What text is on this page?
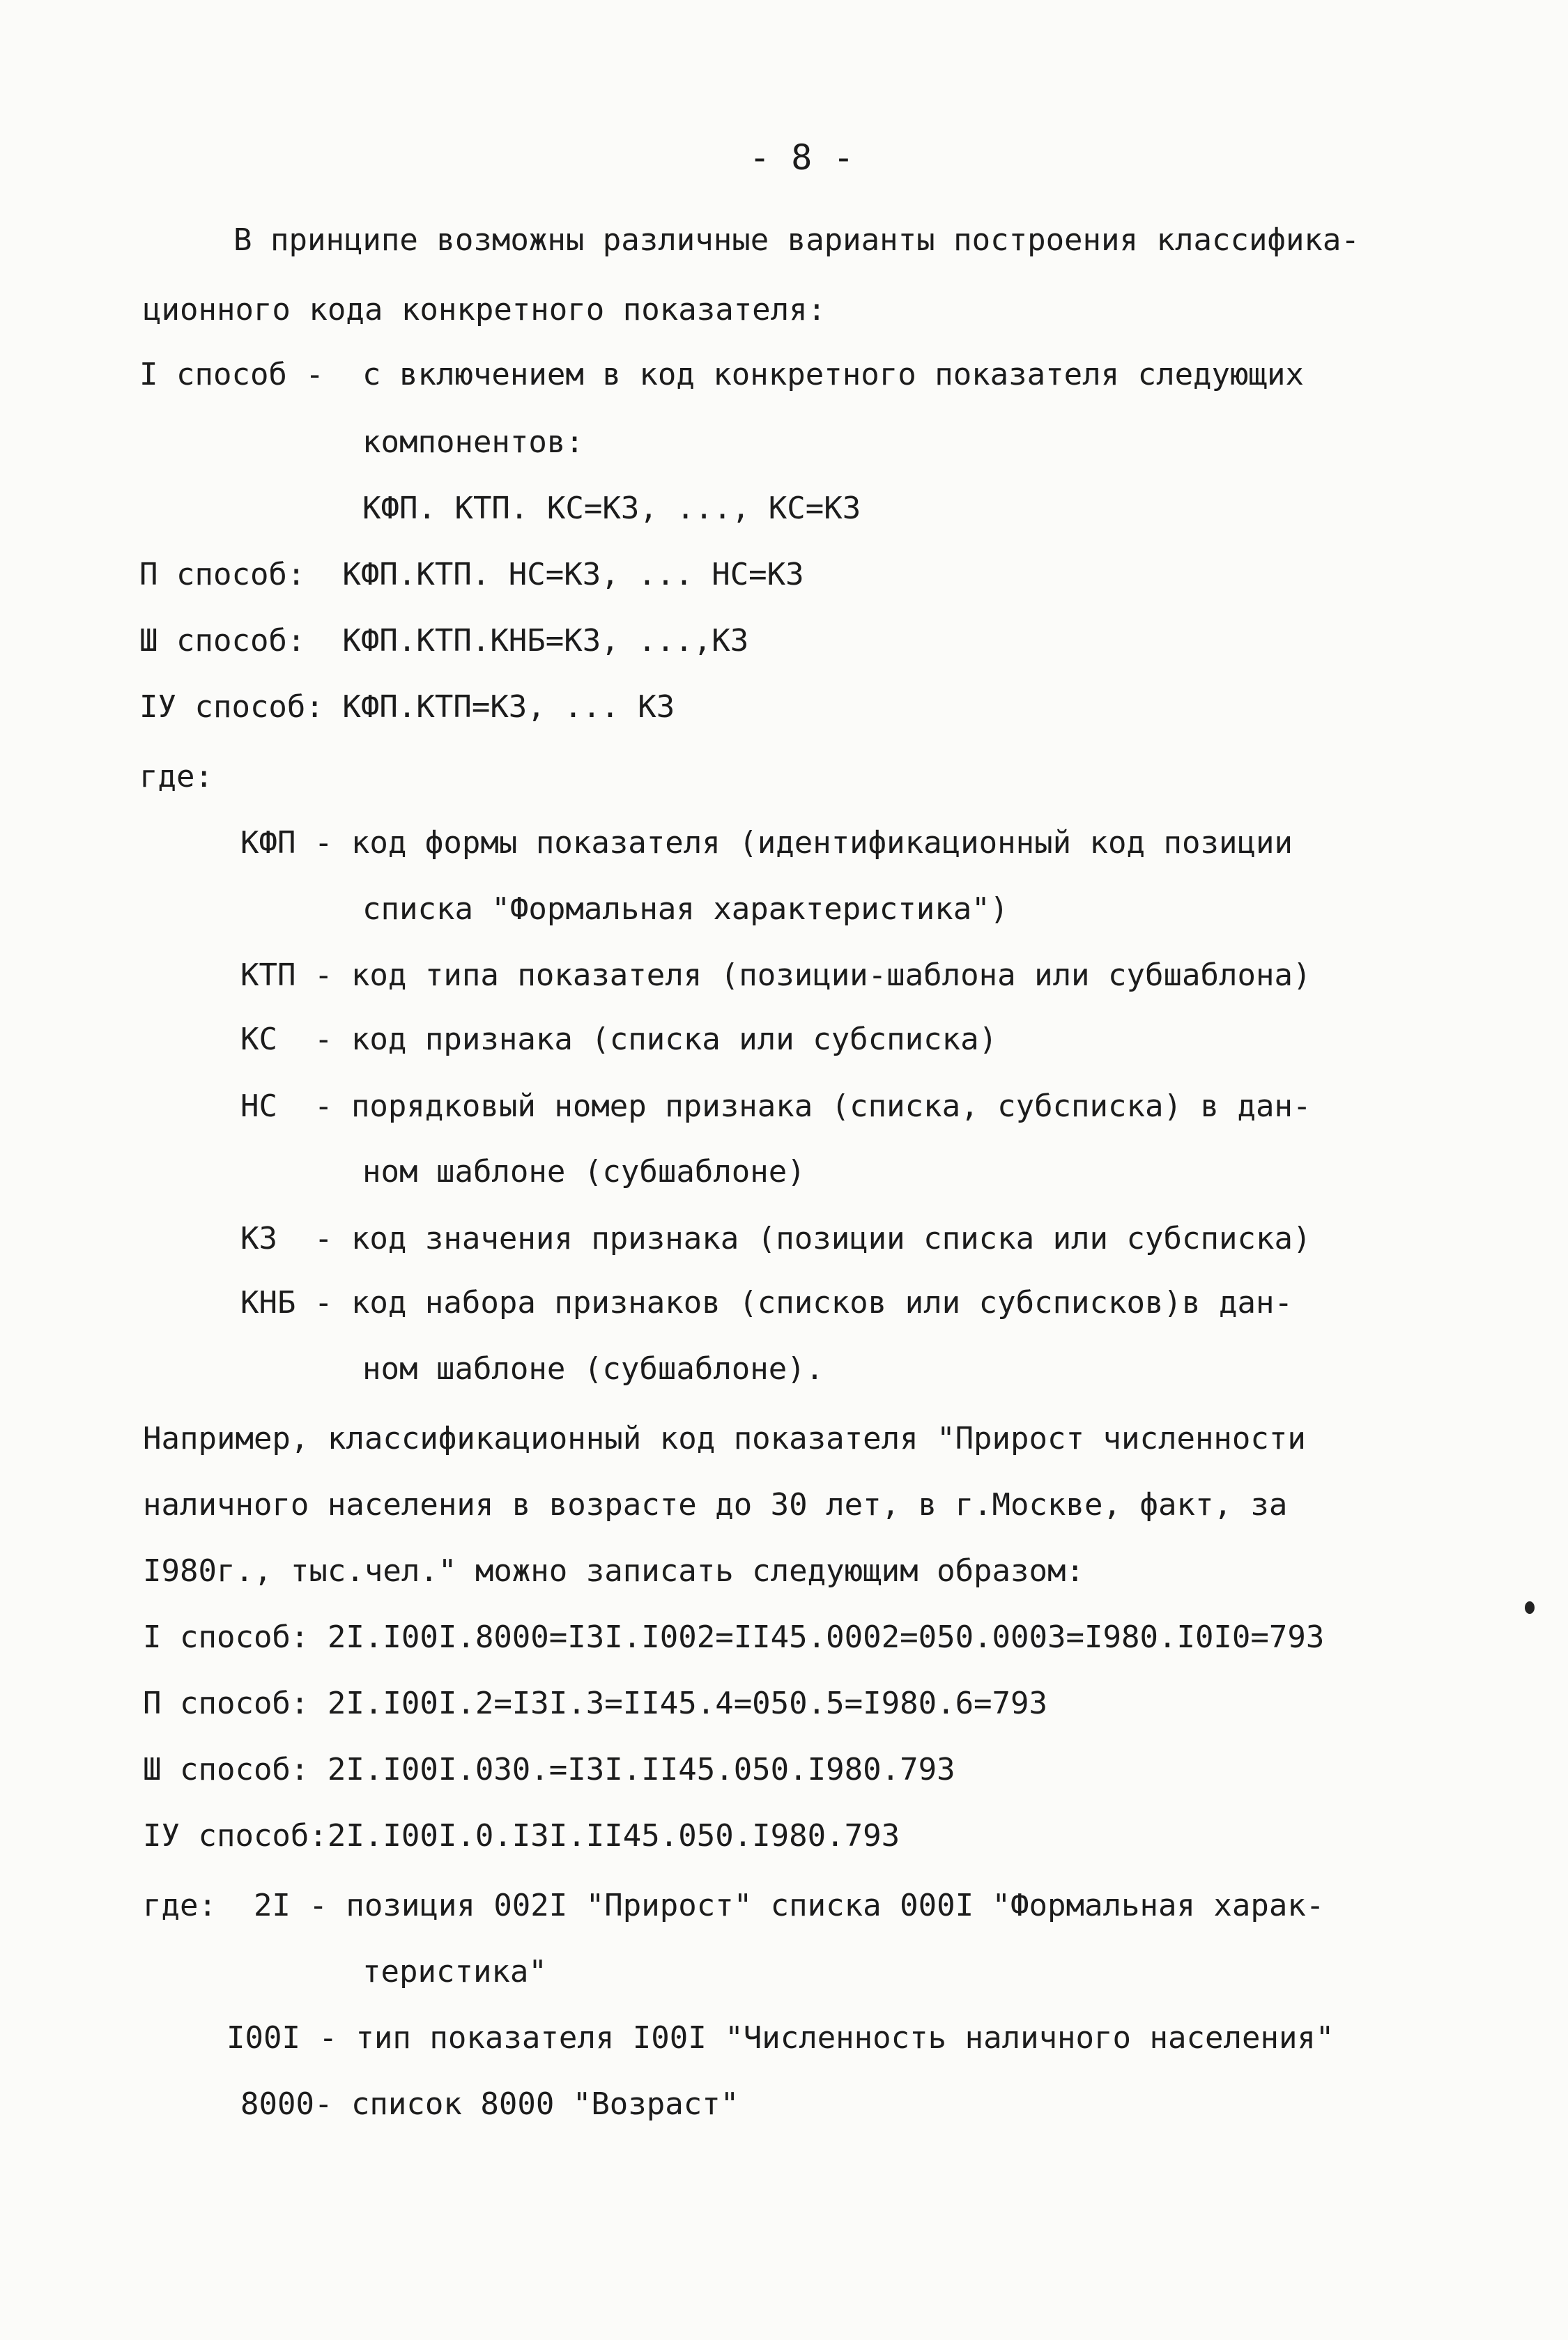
- 8 -
В принципе возможны различные варианты построения классифика-
ционного кода конкретного показателя:
I способ - с включением в код конкретного показателя следующих
компонентов:
КФП. КТП. КС=КЗ, ..., КС=КЗ
П способ:  КФП.КТП. НС=КЗ, ... НС=КЗ
Ш способ:  КФП.КТП.КНБ=КЗ, ...,КЗ
IУ способ: КФП.КТП=КЗ, ... КЗ
где:
КФП - код формы показателя (идентификационный код позиции
списка "Формальная характеристика")
КТП - код типа показателя (позиции-шаблона или субшаблона)
КС  - код признака (списка или субсписка)
НС  - порядковый номер признака (списка, субсписка) в дан-
ном шаблоне (субшаблоне)
КЗ  - код значения признака (позиции списка или субсписка)
КНБ - код набора признаков (списков или субсписков)в дан-
ном шаблоне (субшаблоне).
Например, классификационный код показателя "Прирост численности
наличного населения в возрасте до 30 лет, в г.Москве, факт, за
I980г., тыс.чел." можно записать следующим образом:
I способ: 2I.I00I.8000=I3I.I002=II45.0002=050.0003=I980.I0I0=793
П способ: 2I.I00I.2=I3I.3=II45.4=050.5=I980.6=793
Ш способ: 2I.I00I.030.=I3I.II45.050.I980.793
IУ способ:2I.I00I.0.I3I.II45.050.I980.793
где:  2I - позиция 002I "Прирост" списка 000I "Формальная харак-
теристика"
I00I - тип показателя I00I "Численность наличного населения"
8000- список 8000 "Возраст"
